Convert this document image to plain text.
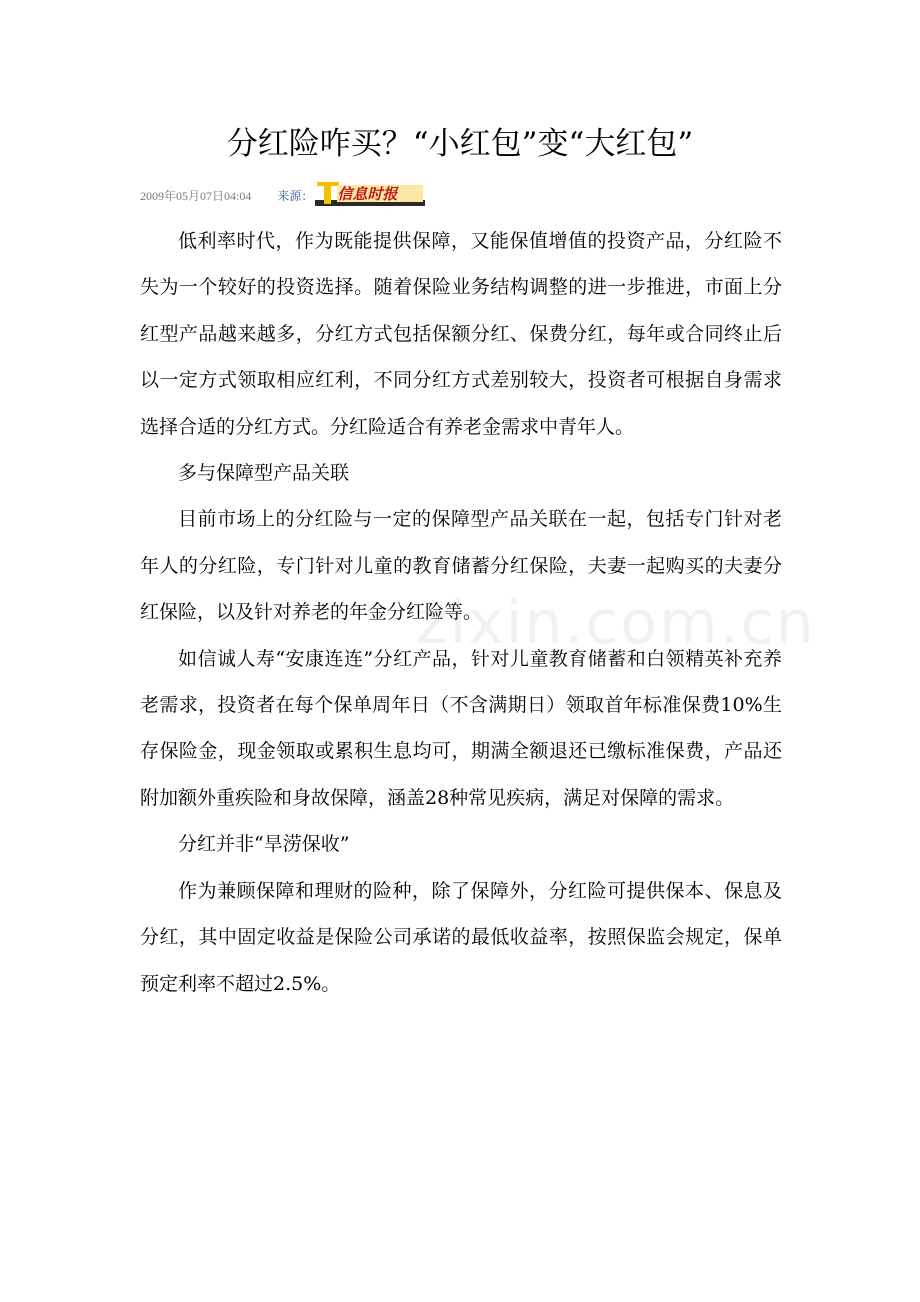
分红险咋买？“小红包”变“大红包”
2009年05月07日04:04 来源： 信息时报

低利率时代，作为既能提供保障，又能保值增值的投资产品，分红险不失为一个较好的投资选择。随着保险业务结构调整的进一步推进，市面上分红型产品越来越多，分红方式包括保额分红、保费分红，每年或合同终止后以一定方式领取相应红利，不同分红方式差别较大，投资者可根据自身需求选择合适的分红方式。分红险适合有养老金需求中青年人。

多与保障型产品关联

目前市场上的分红险与一定的保障型产品关联在一起，包括专门针对老年人的分红险，专门针对儿童的教育储蓄分红保险，夫妻一起购买的夫妻分红保险，以及针对养老的年金分红险等。

如信诚人寿“安康连连”分红产品，针对儿童教育储蓄和白领精英补充养老需求，投资者在每个保单周年日（不含满期日）领取首年标准保费10%生存保险金，现金领取或累积生息均可，期满全额退还已缴标准保费，产品还附加额外重疾险和身故保障，涵盖28种常见疾病，满足对保障的需求。

分红并非“旱涝保收”

作为兼顾保障和理财的险种，除了保障外，分红险可提供保本、保息及分红，其中固定收益是保险公司承诺的最低收益率，按照保监会规定，保单预定利率不超过2.5%。

zixin.com.cn
